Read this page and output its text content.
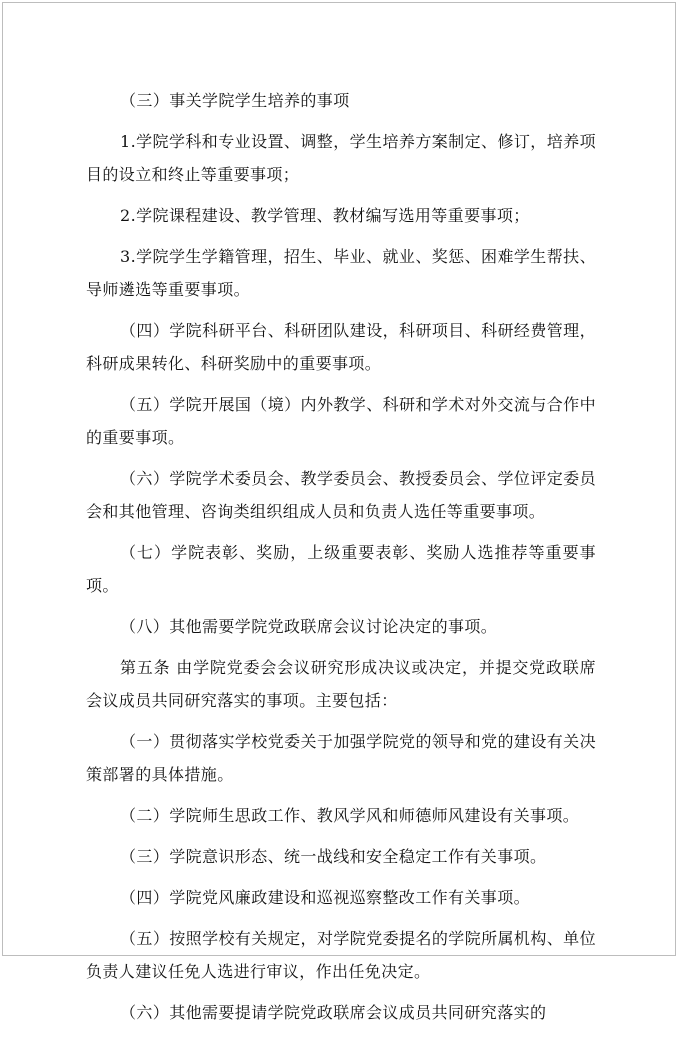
（三）事关学院学生培养的事项

1.学院学科和专业设置、调整，学生培养方案制定、修订，培养项目的设立和终止等重要事项；

2.学院课程建设、教学管理、教材编写选用等重要事项；

3.学院学生学籍管理，招生、毕业、就业、奖惩、困难学生帮扶、导师遴选等重要事项。

（四）学院科研平台、科研团队建设，科研项目、科研经费管理，科研成果转化、科研奖励中的重要事项。

（五）学院开展国（境）内外教学、科研和学术对外交流与合作中的重要事项。

（六）学院学术委员会、教学委员会、教授委员会、学位评定委员会和其他管理、咨询类组织组成人员和负责人选任等重要事项。

（七）学院表彰、奖励，上级重要表彰、奖励人选推荐等重要事项。

（八）其他需要学院党政联席会议讨论决定的事项。

第五条 由学院党委会会议研究形成决议或决定，并提交党政联席会议成员共同研究落实的事项。主要包括：

（一）贯彻落实学校党委关于加强学院党的领导和党的建设有关决策部署的具体措施。

（二）学院师生思政工作、教风学风和师德师风建设有关事项。

（三）学院意识形态、统一战线和安全稳定工作有关事项。

（四）学院党风廉政建设和巡视巡察整改工作有关事项。

（五）按照学校有关规定，对学院党委提名的学院所属机构、单位负责人建议任免人选进行审议，作出任免决定。

（六）其他需要提请学院党政联席会议成员共同研究落实的
